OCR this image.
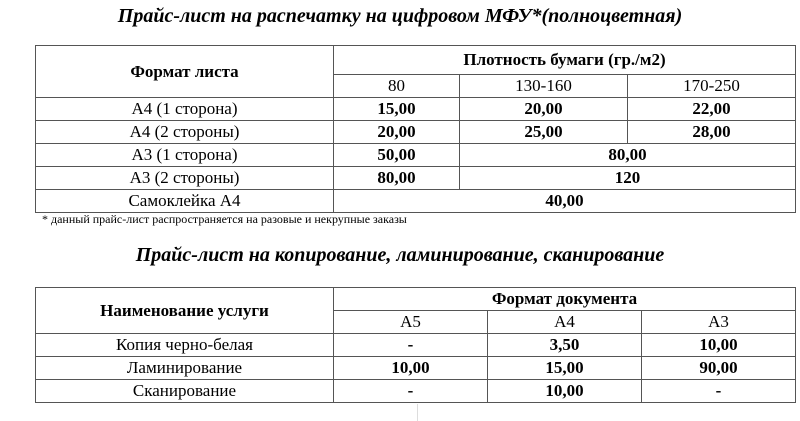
Прайс-лист на распечатку на цифровом МФУ*(полноцветная)
Формат листа	Плотность бумаги (гр./м2)		
	80	130-160	170-250
А4 (1 сторона)	15,00	20,00	22,00
А4 (2 стороны)	20,00	25,00	28,00
А3 (1 сторона)	50,00	80,00	
А3 (2 стороны)	80,00	120	
Самоклейка А4	40,00		
* данный прайс-лист распространяется на разовые и некрупные заказы
Прайс-лист на копирование, ламинирование, сканирование
Наименование услуги	Формат документа		
	А5	А4	А3
Копия черно-белая	-	3,50	10,00
Ламинирование	10,00	15,00	90,00
Сканирование	-	10,00	-
